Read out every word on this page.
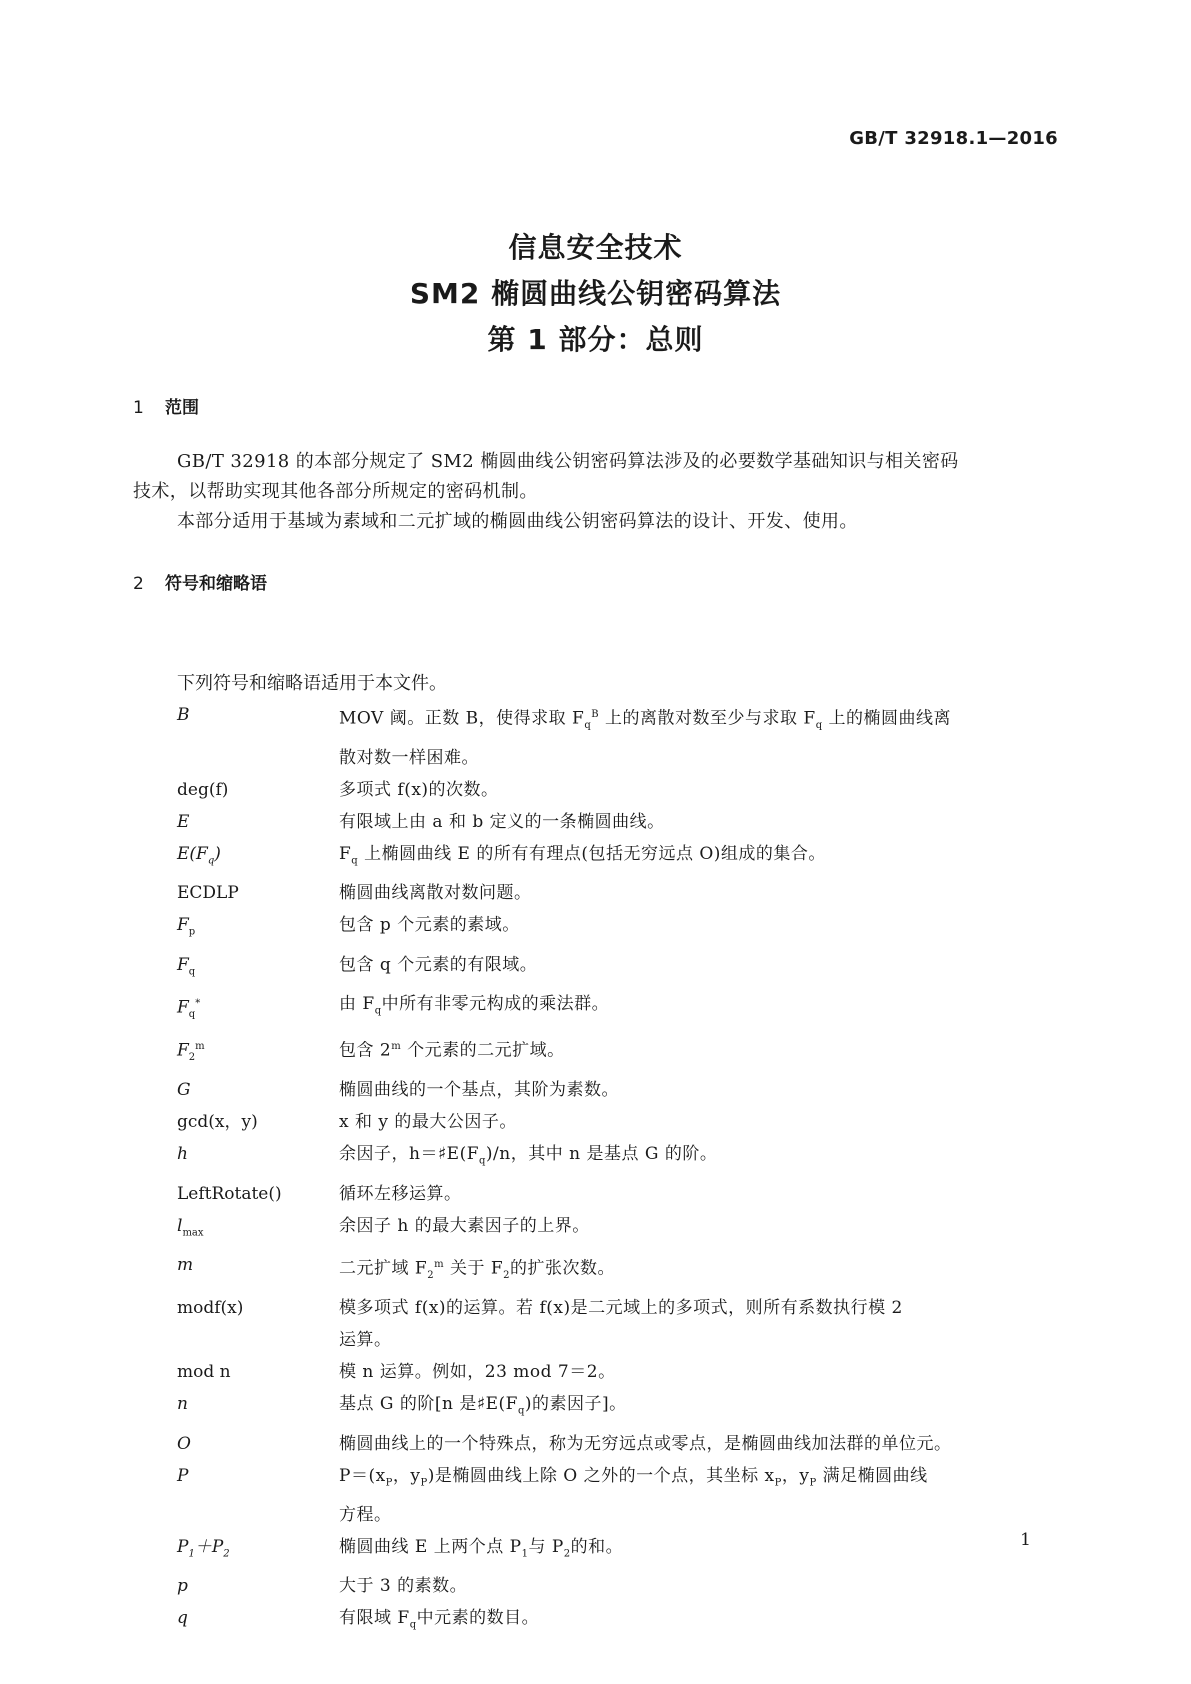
GB/T 32918.1—2016
信息安全技术
SM2 椭圆曲线公钥密码算法
第 1 部分：总则
1 范围
GB/T 32918 的本部分规定了 SM2 椭圆曲线公钥密码算法涉及的必要数学基础知识与相关密码
技术，以帮助实现其他各部分所规定的密码机制。
本部分适用于基域为素域和二元扩域的椭圆曲线公钥密码算法的设计、开发、使用。
2 符号和缩略语
下列符号和缩略语适用于本文件。
B	MOV 阈。正数 B，使得求取 $F_q^B$ 上的离散对数至少与求取 $F_q$ 上的椭圆曲线离
散对数一样困难。
deg(f)	多项式 f(x)的次数。
E	有限域上由 a 和 b 定义的一条椭圆曲线。
$E(F_q)$	$F_q$ 上椭圆曲线 E 的所有有理点(包括无穷远点 O)组成的集合。
ECDLP	椭圆曲线离散对数问题。
$F_p$	包含 p 个元素的素域。
$F_q$	包含 q 个元素的有限域。
$F_q^*$	由 $F_q$中所有非零元构成的乘法群。
$F_2^m$	包含 2$^m$ 个元素的二元扩域。
G	椭圆曲线的一个基点，其阶为素数。
gcd(x，y)	x 和 y 的最大公因子。
h	余因子，$h=♯E(F_q)/n$，其中 n 是基点 G 的阶。
LeftRotate()	循环左移运算。
$l_{max}$	余因子 h 的最大素因子的上界。
m	二元扩域 $F_2^m$ 关于 $F_2$的扩张次数。
modf(x)	模多项式 f(x)的运算。若 f(x)是二元域上的多项式，则所有系数执行模 2
运算。
mod n	模 n 运算。例如，23 mod 7＝2。
n	基点 G 的阶[n 是$♯E(F_q)$的素因子]。
O	椭圆曲线上的一个特殊点，称为无穷远点或零点，是椭圆曲线加法群的单位元。
P	$P=(x_P$，$y_P$)是椭圆曲线上除 O 之外的一个点，其坐标 $x_P$，$y_P$ 满足椭圆曲线
方程。
$P_1+P_2$	椭圆曲线 E 上两个点 $P_1$与 $P_2$的和。
p	大于 3 的素数。
q	有限域 $F_q$中元素的数目。
1
